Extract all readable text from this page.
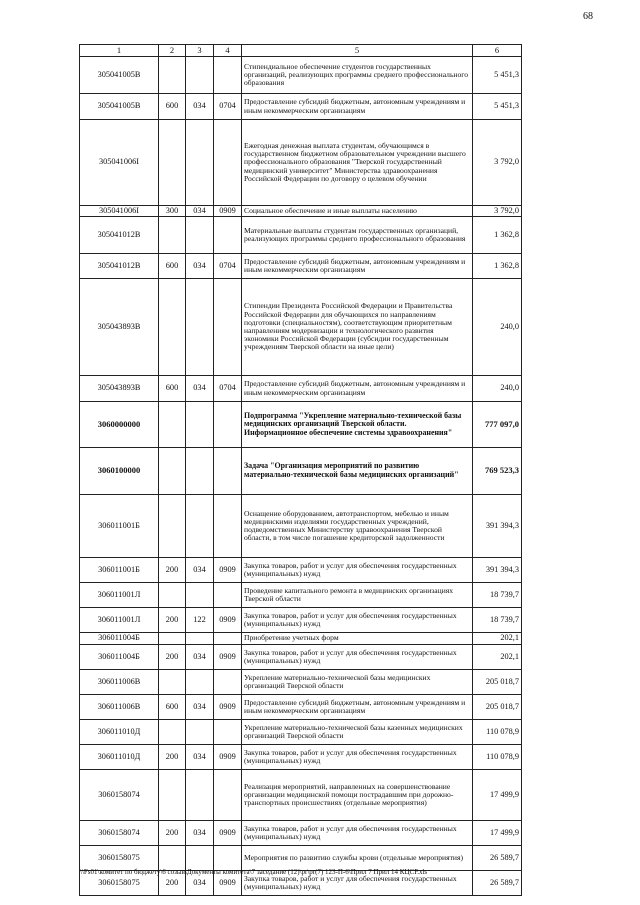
68
1	2	3	4	5	6
305041005В				Стипендиальное обеспечение студентов государственных организаций, реализующих программы среднего профессионального образования	5 451,3
305041005В	600	034	0704	Предоставление субсидий бюджетным, автономным учреждениям и иным некоммерческим организациям	5 451,3
305041006І				Ежегодная денежная выплата студентам, обучающимся в государственном бюджетном образовательном учреждении высшего профессионального образования "Тверской государственный медицинский университет" Министерства здравоохранения Российской Федерации по договору о целевом обучении	3 792,0
305041006І	300	034	0909	Социальное обеспечение и иные выплаты населению	3 792,0
305041012В				Материальные выплаты студентам государственных организаций, реализующих программы среднего профессионального образования	1 362,8
305041012В	600	034	0704	Предоставление субсидий бюджетным, автономным учреждениям и иным некоммерческим организациям	1 362,8
305043893В				Стипендии Президента Российской Федерации и Правительства Российской Федерации для обучающихся по направлениям подготовки (специальностям), соответствующим приоритетным направлениям модернизации и технологического развития экономики Российской Федерации (субсидии государственным учреждениям Тверской области на иные цели)	240,0
305043893В	600	034	0704	Предоставление субсидий бюджетным, автономным учреждениям и иным некоммерческим организациям	240,0
3060000000				Подпрограмма "Укрепление материально-технической базы медицинских организаций Тверской области. Информационное обеспечение системы здравоохранения"	777 097,0
3060100000				Задача "Организация мероприятий по развитию материально-технической базы медицинских организаций"	769 523,3
306011001Б				Оснащение оборудованием, автотранспортом, мебелью и иным медицинскими изделиями государственных учреждений, подведомственных Министерству здравоохранения Тверской области, в том числе погашение кредиторской задолженности	391 394,3
306011001Б	200	034	0909	Закупка товаров, работ и услуг для обеспечения государственных (муниципальных) нужд	391 394,3
306011001Л				Проведение капитального ремонта в медицинских организациях Тверской области	18 739,7
306011001Л	200	122	0909	Закупка товаров, работ и услуг для обеспечения государственных (муниципальных) нужд	18 739,7
306011004Б				Приобретение учетных форм	202,1
306011004Б	200	034	0909	Закупка товаров, работ и услуг для обеспечения государственных (муниципальных) нужд	202,1
306011006В				Укрепление материально-технической базы медицинских организаций Тверской области	205 018,7
306011006В	600	034	0909	Предоставление субсидий бюджетным, автономным учреждениям и иным некоммерческим организациям	205 018,7
306011010Д				Укрепление материально-технической базы казенных медицинских организаций Тверской области	110 078,9
306011010Д	200	034	0909	Закупка товаров, работ и услуг для обеспечения государственных (муниципальных) нужд	110 078,9
3060158074				Реализация мероприятий, направленных на совершенствование организации медицинской помощи пострадавшим при дорожно-транспортных происшествиях (отдельные мероприятия)	17 499,9
3060158074	200	034	0909	Закупка товаров, работ и услуг для обеспечения государственных (муниципальных) нужд	17 499,9
3060158075				Мероприятия по развитию службы крови (отдельные мероприятия)	26 589,7
3060158075	200	034	0909	Закупка товаров, работ и услуг для обеспечения государственных (муниципальных) нужд	26 589,7
\\Fs01\комитет по бюджету\6 созыв\Документы комитета\7 заседание (12)\pr\pr(7) 123-П-6\Прил 7 Прил 14 КЦСР.xls
